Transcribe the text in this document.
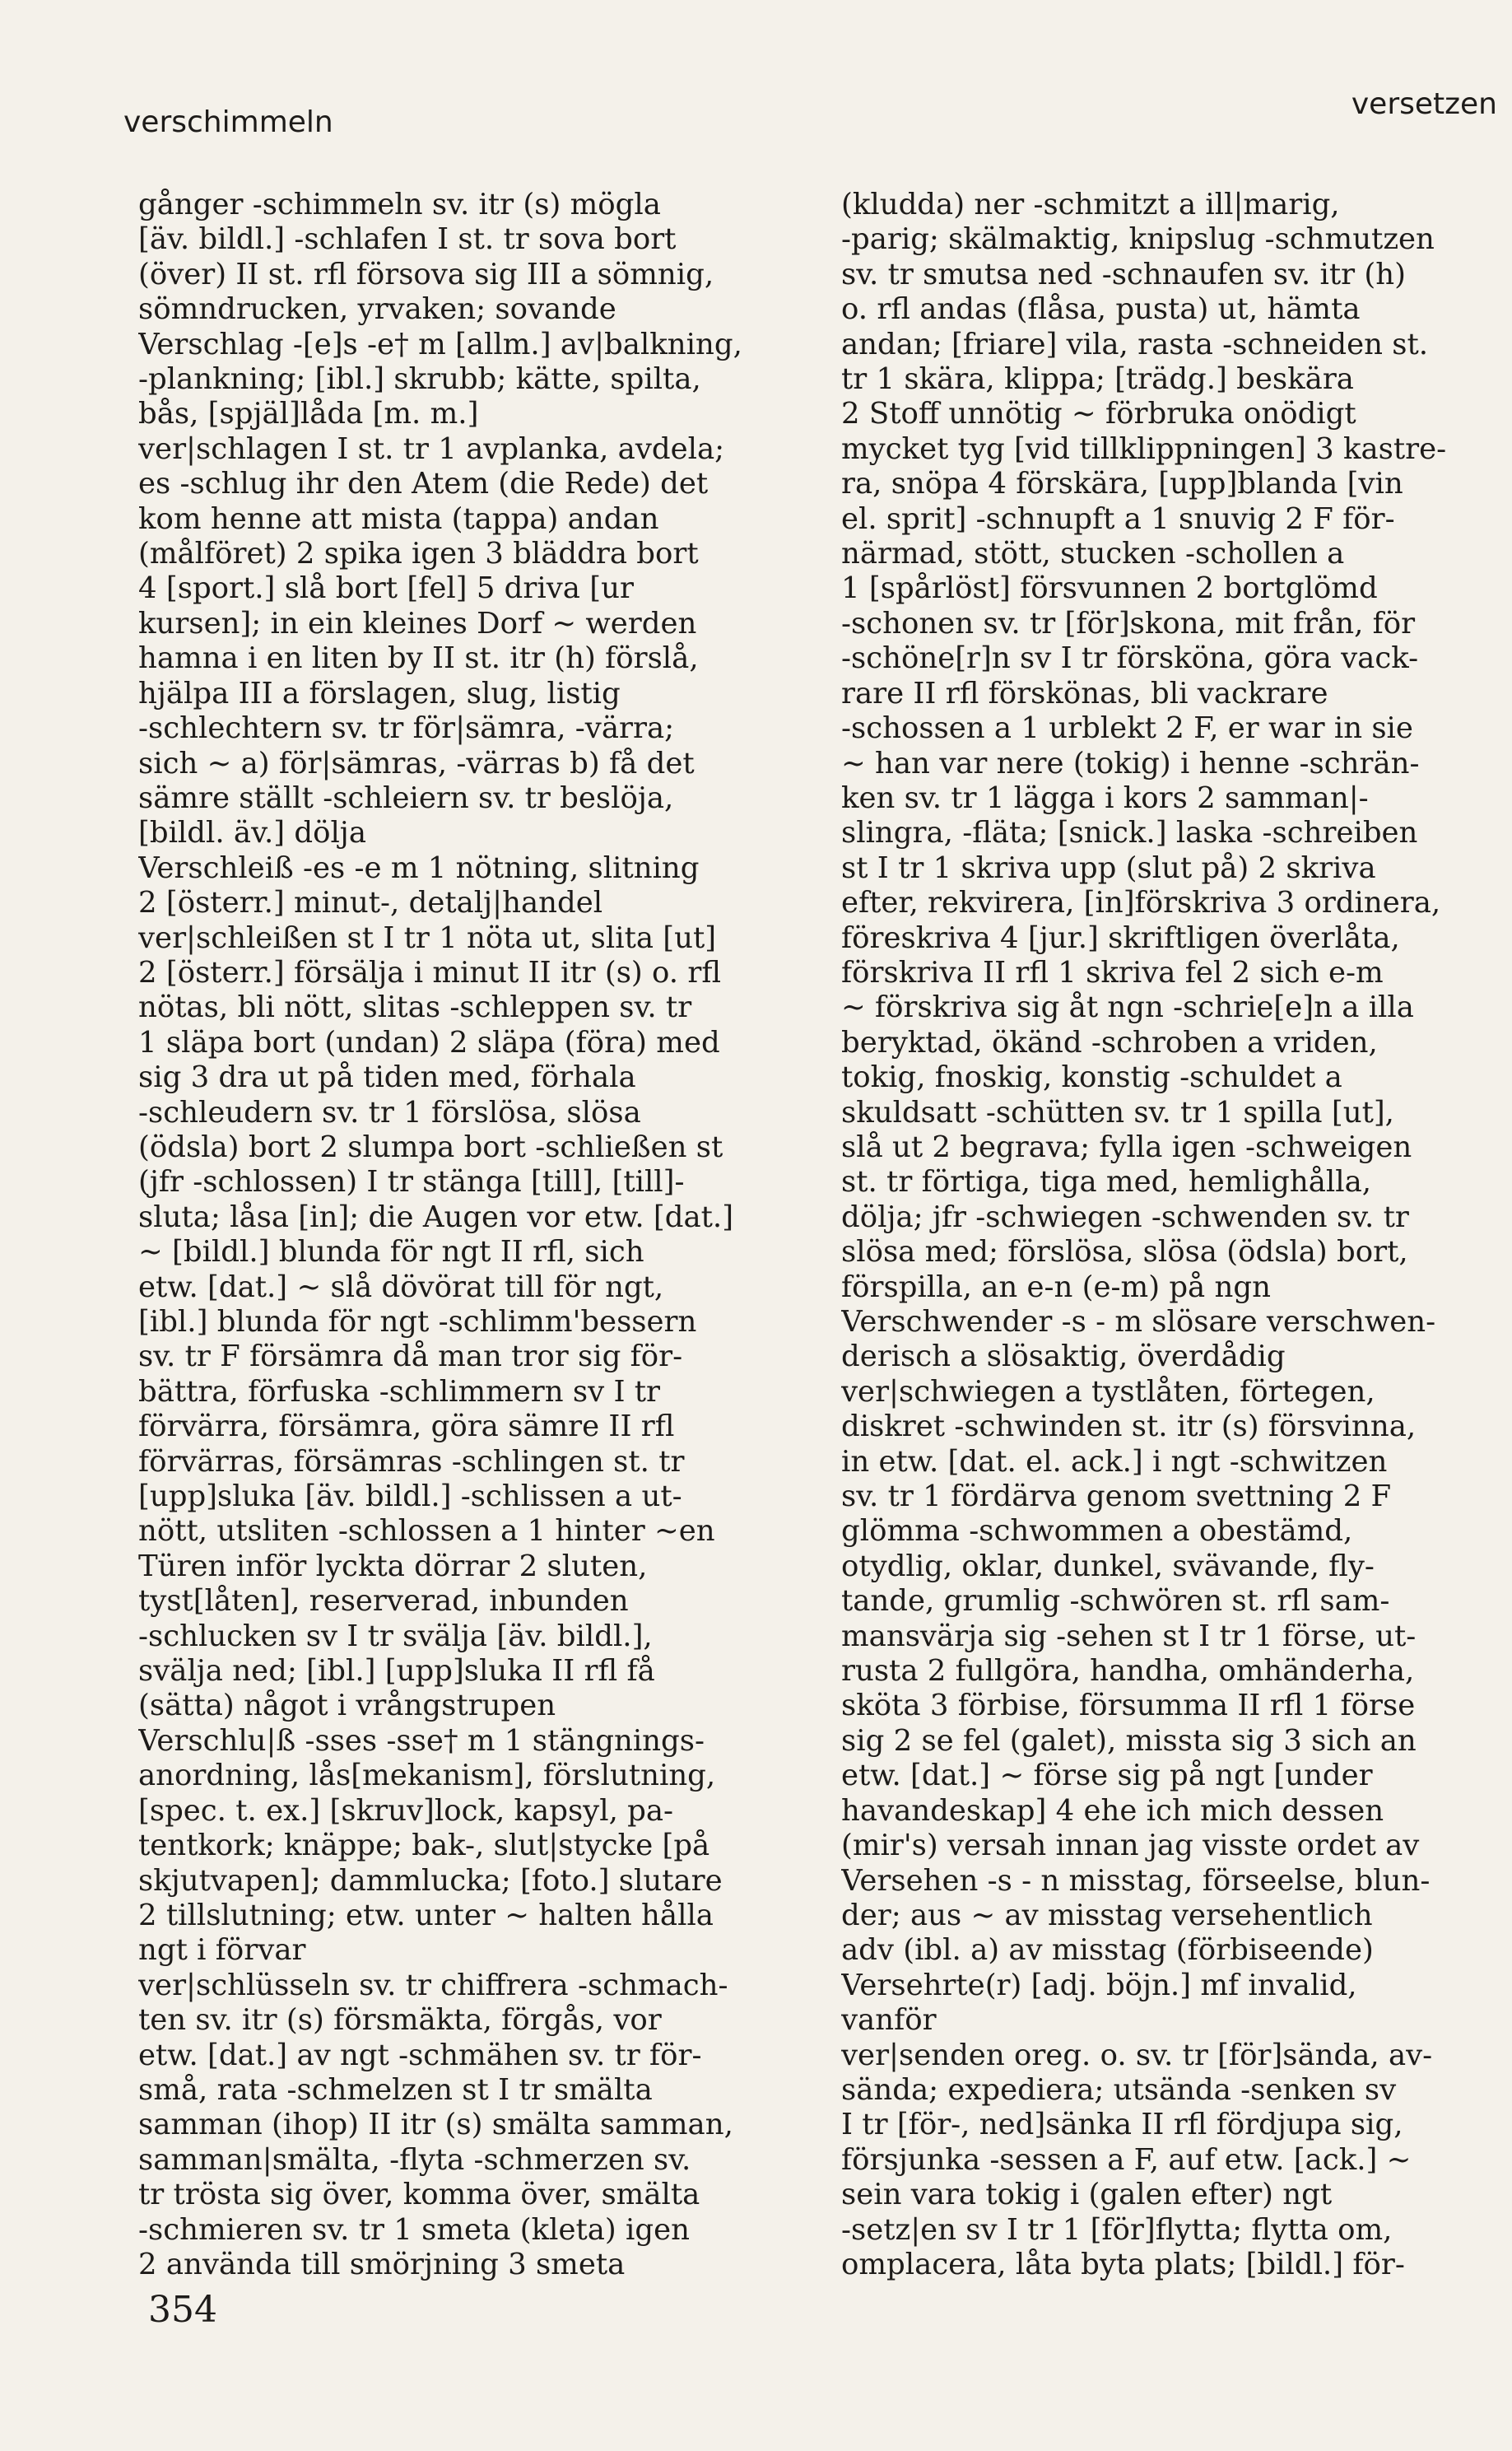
verschimmeln
versetzen
gånger -schimmeln sv. itr (s) mögla
[äv. bildl.] -schlafen I st. tr sova bort
(över) II st. rfl försova sig III a sömnig,
sömndrucken, yrvaken; sovande
Verschlag -[e]s -e† m [allm.] av|balkning,
-plankning; [ibl.] skrubb; kätte, spilta,
bås, [spjäl]låda [m. m.]
ver|schlagen I st. tr 1 avplanka, avdela;
es -schlug ihr den Atem (die Rede) det
kom henne att mista (tappa) andan
(målföret) 2 spika igen 3 bläddra bort
4 [sport.] slå bort [fel] 5 driva [ur
kursen]; in ein kleines Dorf ~ werden
hamna i en liten by II st. itr (h) förslå,
hjälpa III a förslagen, slug, listig
-schlechtern sv. tr för|sämra, -värra;
sich ~ a) för|sämras, -värras b) få det
sämre ställt -schleiern sv. tr beslöja,
[bildl. äv.] dölja
Verschleiß -es -e m 1 nötning, slitning
2 [österr.] minut-, detalj|handel
ver|schleißen st I tr 1 nöta ut, slita [ut]
2 [österr.] försälja i minut II itr (s) o. rfl
nötas, bli nött, slitas -schleppen sv. tr
1 släpa bort (undan) 2 släpa (föra) med
sig 3 dra ut på tiden med, förhala
-schleudern sv. tr 1 förslösa, slösa
(ödsla) bort 2 slumpa bort -schließen st
(jfr -schlossen) I tr stänga [till], [till]-
sluta; låsa [in]; die Augen vor etw. [dat.]
~ [bildl.] blunda för ngt II rfl, sich
etw. [dat.] ~ slå dövörat till för ngt,
[ibl.] blunda för ngt -schlimm'bessern
sv. tr F försämra då man tror sig för-
bättra, förfuska -schlimmern sv I tr
förvärra, försämra, göra sämre II rfl
förvärras, försämras -schlingen st. tr
[upp]sluka [äv. bildl.] -schlissen a ut-
nött, utsliten -schlossen a 1 hinter ~en
Türen inför lyckta dörrar 2 sluten,
tyst[låten], reserverad, inbunden
-schlucken sv I tr svälja [äv. bildl.],
svälja ned; [ibl.] [upp]sluka II rfl få
(sätta) något i vrångstrupen
Verschlu|ß -sses -sse† m 1 stängnings-
anordning, lås[mekanism], förslutning,
[spec. t. ex.] [skruv]lock, kapsyl, pa-
tentkork; knäppe; bak-, slut|stycke [på
skjutvapen]; dammlucka; [foto.] slutare
2 tillslutning; etw. unter ~ halten hålla
ngt i förvar
ver|schlüsseln sv. tr chiffrera -schmach-
ten sv. itr (s) försmäkta, förgås, vor
etw. [dat.] av ngt -schmähen sv. tr för-
små, rata -schmelzen st I tr smälta
samman (ihop) II itr (s) smälta samman,
samman|smälta, -flyta -schmerzen sv.
tr trösta sig över, komma över, smälta
-schmieren sv. tr 1 smeta (kleta) igen
2 använda till smörjning 3 smeta
(kludda) ner -schmitzt a ill|marig,
-parig; skälmaktig, knipslug -schmutzen
sv. tr smutsa ned -schnaufen sv. itr (h)
o. rfl andas (flåsa, pusta) ut, hämta
andan; [friare] vila, rasta -schneiden st.
tr 1 skära, klippa; [trädg.] beskära
2 Stoff unnötig ~ förbruka onödigt
mycket tyg [vid tillklippningen] 3 kastre-
ra, snöpa 4 förskära, [upp]blanda [vin
el. sprit] -schnupft a 1 snuvig 2 F för-
närmad, stött, stucken -schollen a
1 [spårlöst] försvunnen 2 bortglömd
-schonen sv. tr [för]skona, mit från, för
-schöne[r]n sv I tr försköna, göra vack-
rare II rfl förskönas, bli vackrare
-schossen a 1 urblekt 2 F, er war in sie
~ han var nere (tokig) i henne -schrän-
ken sv. tr 1 lägga i kors 2 samman|-
slingra, -fläta; [snick.] laska -schreiben
st I tr 1 skriva upp (slut på) 2 skriva
efter, rekvirera, [in]förskriva 3 ordinera,
föreskriva 4 [jur.] skriftligen överlåta,
förskriva II rfl 1 skriva fel 2 sich e-m
~ förskriva sig åt ngn -schrie[e]n a illa
beryktad, ökänd -schroben a vriden,
tokig, fnoskig, konstig -schuldet a
skuldsatt -schütten sv. tr 1 spilla [ut],
slå ut 2 begrava; fylla igen -schweigen
st. tr förtiga, tiga med, hemlighålla,
dölja; jfr -schwiegen -schwenden sv. tr
slösa med; förslösa, slösa (ödsla) bort,
förspilla, an e-n (e-m) på ngn
Verschwender -s - m slösare verschwen-
derisch a slösaktig, överdådig
ver|schwiegen a tystlåten, förtegen,
diskret -schwinden st. itr (s) försvinna,
in etw. [dat. el. ack.] i ngt -schwitzen
sv. tr 1 fördärva genom svettning 2 F
glömma -schwommen a obestämd,
otydlig, oklar, dunkel, svävande, fly-
tande, grumlig -schwören st. rfl sam-
mansvärja sig -sehen st I tr 1 förse, ut-
rusta 2 fullgöra, handha, omhänderha,
sköta 3 förbise, försumma II rfl 1 förse
sig 2 se fel (galet), missta sig 3 sich an
etw. [dat.] ~ förse sig på ngt [under
havandeskap] 4 ehe ich mich dessen
(mir's) versah innan jag visste ordet av
Versehen -s - n misstag, förseelse, blun-
der; aus ~ av misstag versehentlich
adv (ibl. a) av misstag (förbiseende)
Versehrte(r) [adj. böjn.] mf invalid,
vanför
ver|senden oreg. o. sv. tr [för]sända, av-
sända; expediera; utsända -senken sv
I tr [för-, ned]sänka II rfl fördjupa sig,
försjunka -sessen a F, auf etw. [ack.] ~
sein vara tokig i (galen efter) ngt
-setz|en sv I tr 1 [för]flytta; flytta om,
omplacera, låta byta plats; [bildl.] för-
354
